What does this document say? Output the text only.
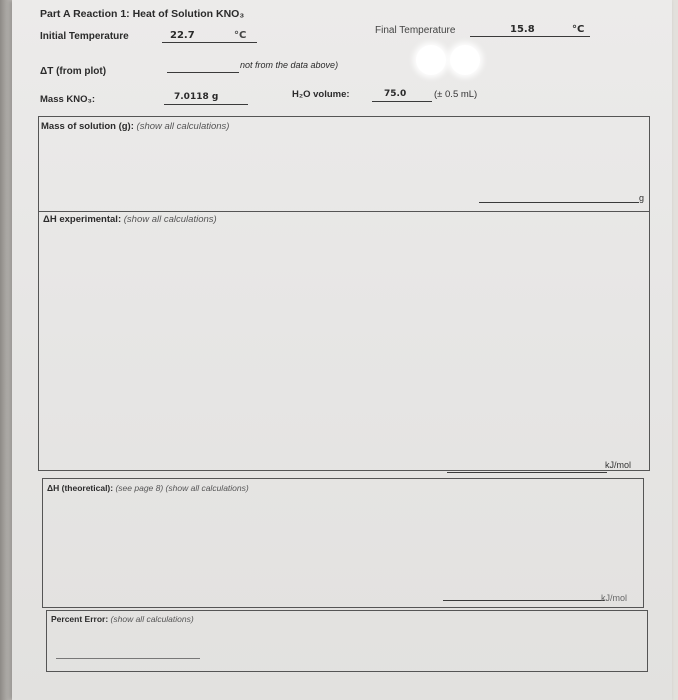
Part A Reaction 1: Heat of Solution KNO₃
Initial Temperature	22.7	°C	Final Temperature	15.8	°C
ΔT (from plot)
not from the data above)
Mass KNO₃:	7.0118 g	H₂O volume:	75.0	(± 0.5 mL)
Mass of solution (g): (show all calculations)
g
ΔH experimental: (show all calculations)
kJ/mol
ΔH (theoretical): (see page 8) (show all calculations)
kJ/mol
Percent Error: (show all calculations)
